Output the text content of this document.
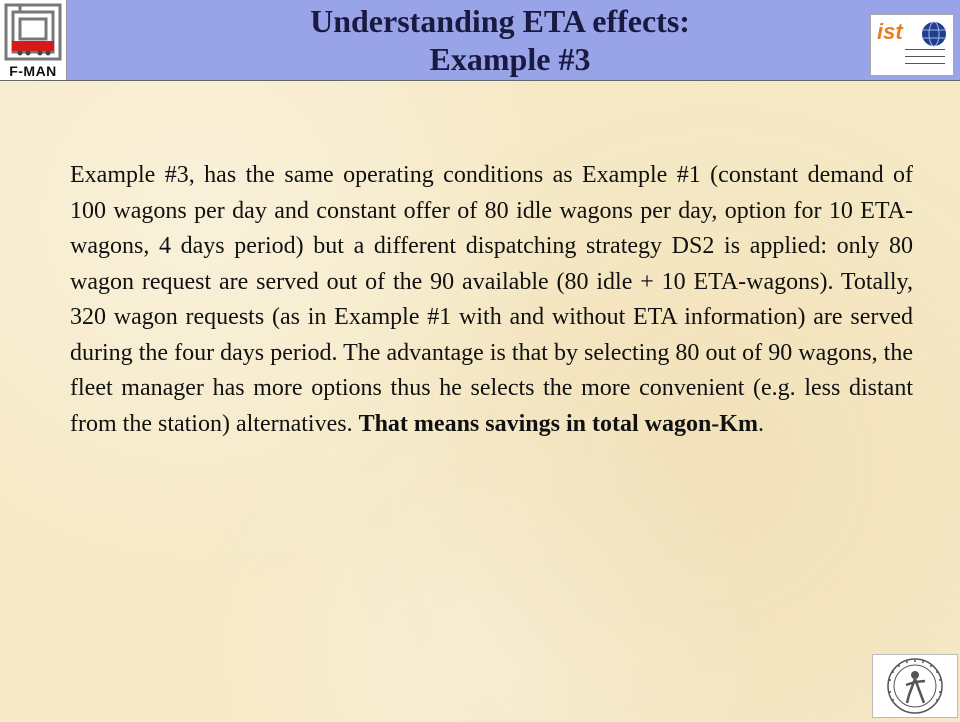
F-MAN
Understanding ETA effects:
Example #3
ist
Example #3, has the same operating conditions as Example #1 (constant demand of 100 wagons per day and constant offer of 80 idle wagons per day, option for 10 ETA-wagons, 4 days period) but a different dispatching strategy DS2 is applied: only 80 wagon request are served out of the 90 available (80 idle + 10 ETA-wagons). Totally, 320 wagon requests (as in Example #1 with and without ETA information) are served during the four days period. The advantage is that by selecting 80 out of 90 wagons, the fleet manager has more options thus he selects the more convenient (e.g. less distant from the station) alternatives. That means savings in total wagon-Km.
